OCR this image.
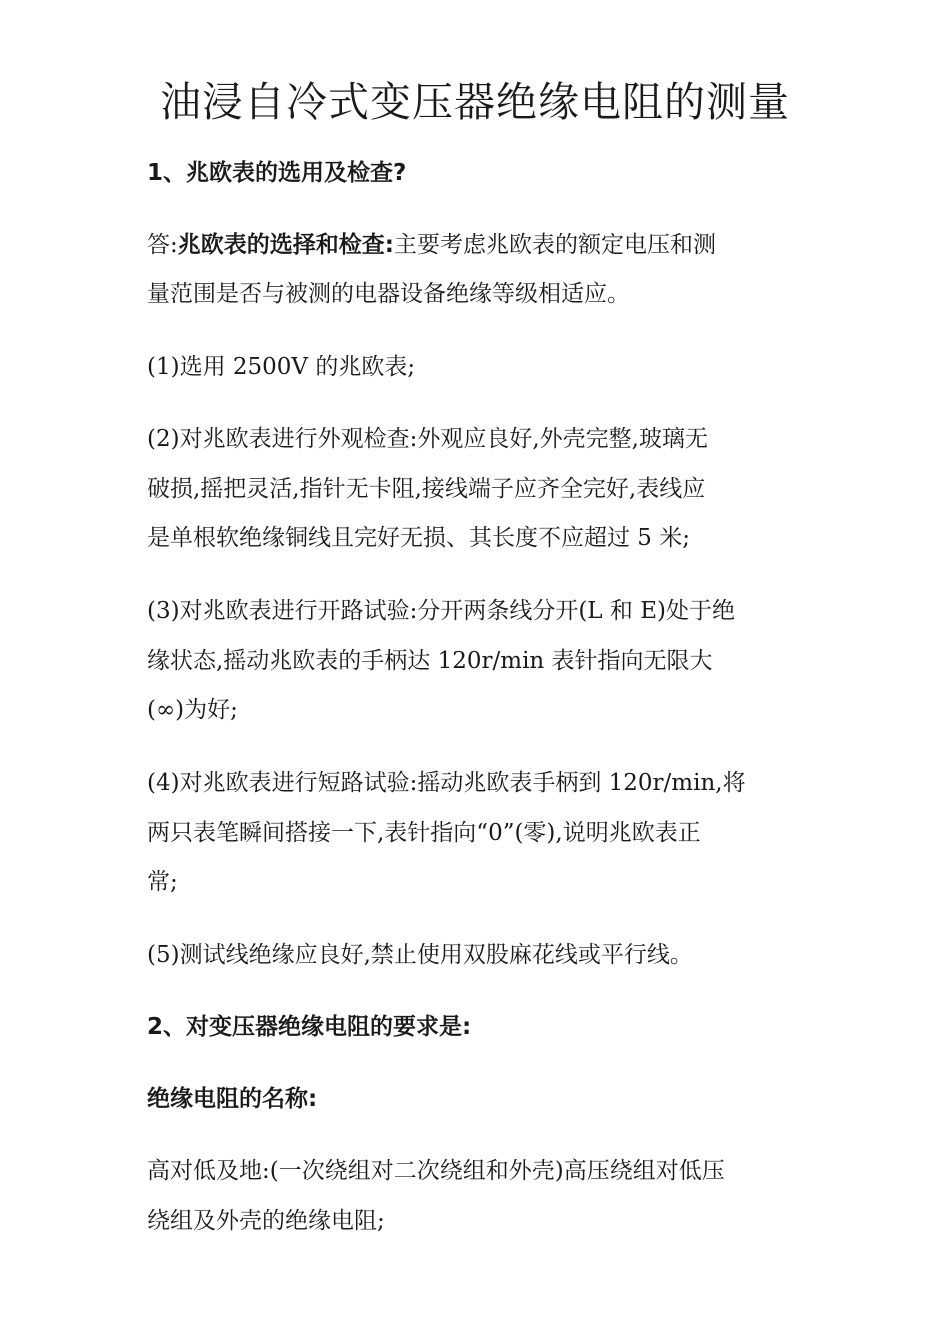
油浸自冷式变压器绝缘电阻的测量
1、兆欧表的选用及检查?
答:兆欧表的选择和检查:主要考虑兆欧表的额定电压和测
量范围是否与被测的电器设备绝缘等级相适应。
(1)选用 2500V 的兆欧表;
(2)对兆欧表进行外观检查:外观应良好,外壳完整,玻璃无
破损,摇把灵活,指针无卡阻,接线端子应齐全完好,表线应
是单根软绝缘铜线且完好无损、其长度不应超过 5 米;
(3)对兆欧表进行开路试验:分开两条线分开(L 和 E)处于绝
缘状态,摇动兆欧表的手柄达 120r/min 表针指向无限大
(∞)为好;
(4)对兆欧表进行短路试验:摇动兆欧表手柄到 120r/min,将
两只表笔瞬间搭接一下,表针指向“0”(零),说明兆欧表正
常;
(5)测试线绝缘应良好,禁止使用双股麻花线或平行线。
2、对变压器绝缘电阻的要求是:
绝缘电阻的名称:
高对低及地:(一次绕组对二次绕组和外壳)高压绕组对低压
绕组及外壳的绝缘电阻;
